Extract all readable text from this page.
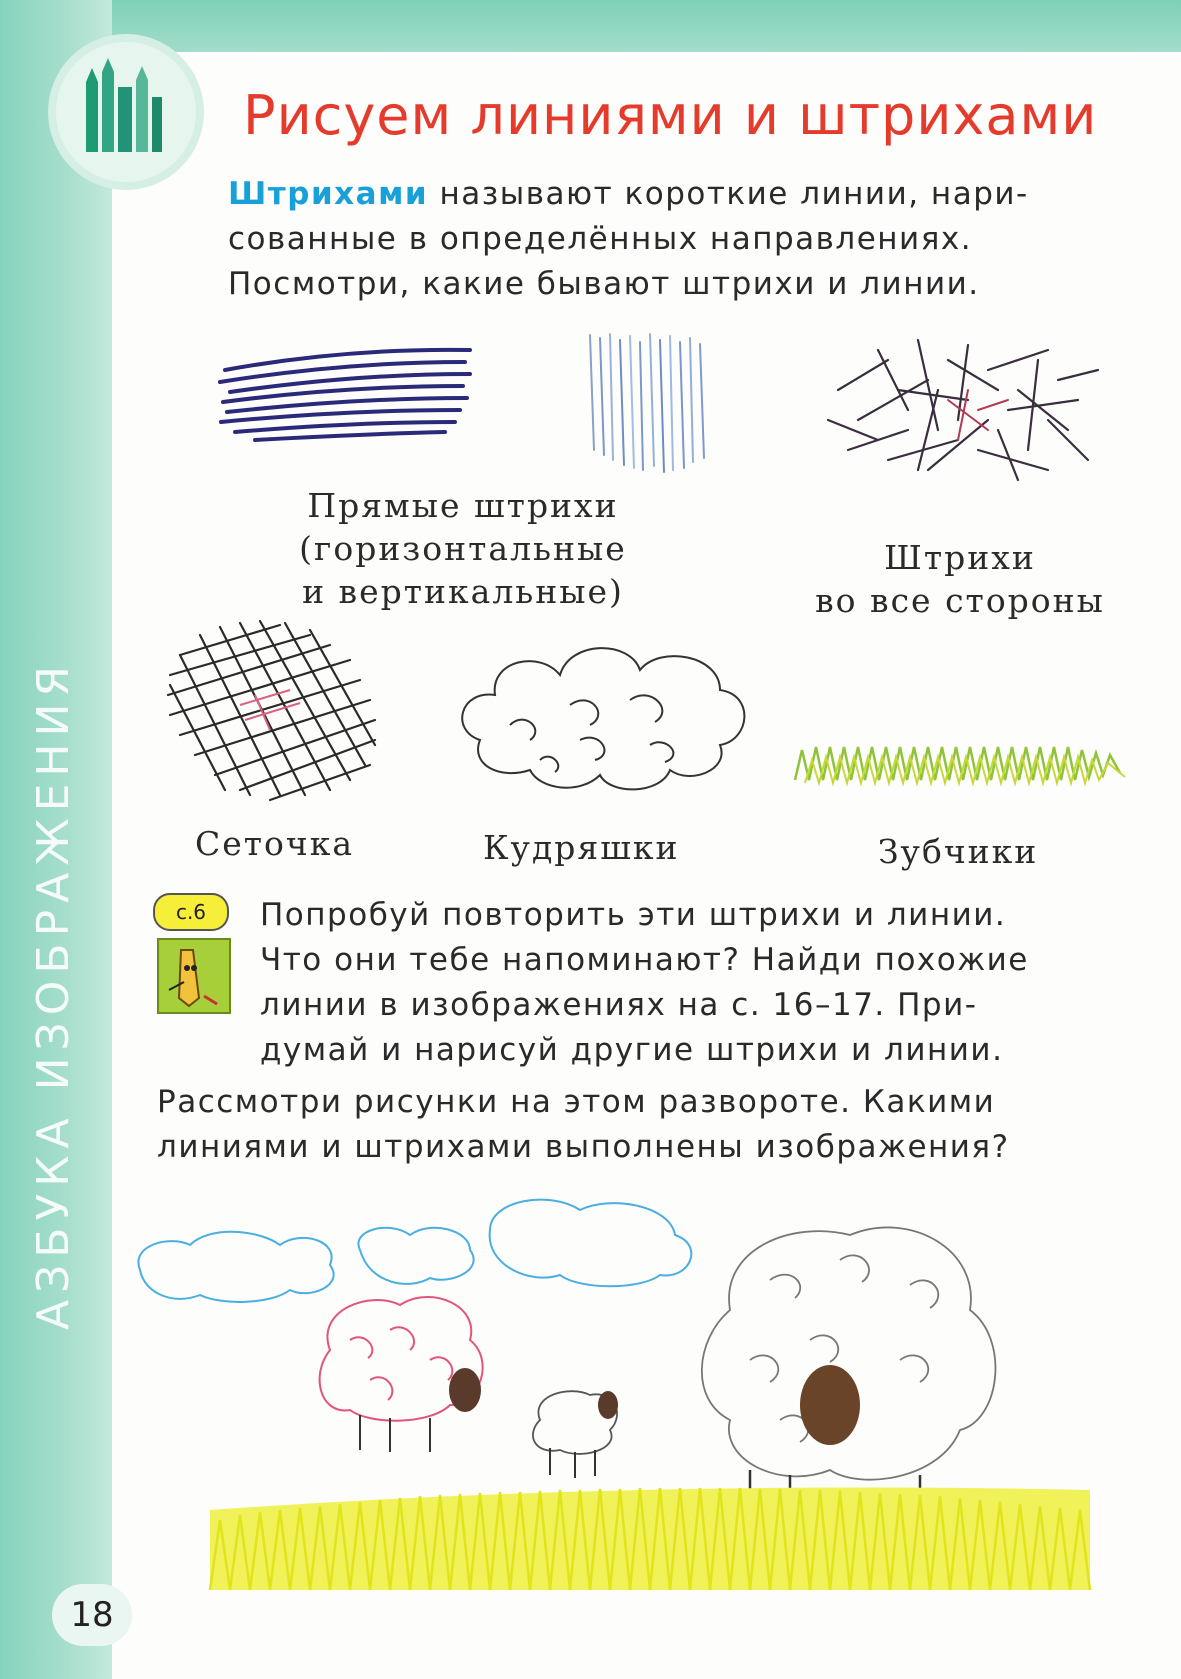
АЗБУКА ИЗОБРАЖЕНИЯ
Рисуем линиями и штрихами
Штрихами называют короткие линии, нари-
сованные в определённых направлениях.
Посмотри, какие бывают штрихи и линии.
Прямые штрихи
(горизонтальные
и вертикальные)
Штрихи
во все стороны
Сеточка	Кудряшки	Зубчики
с.6	Попробуй повторить эти штрихи и линии.
Что они тебе напоминают? Найди похожие
линии в изображениях на с. 16–17. При-
думай и нарисуй другие штрихи и линии.
Рассмотри рисунки на этом развороте. Какими
линиями и штрихами выполнены изображения?
18
